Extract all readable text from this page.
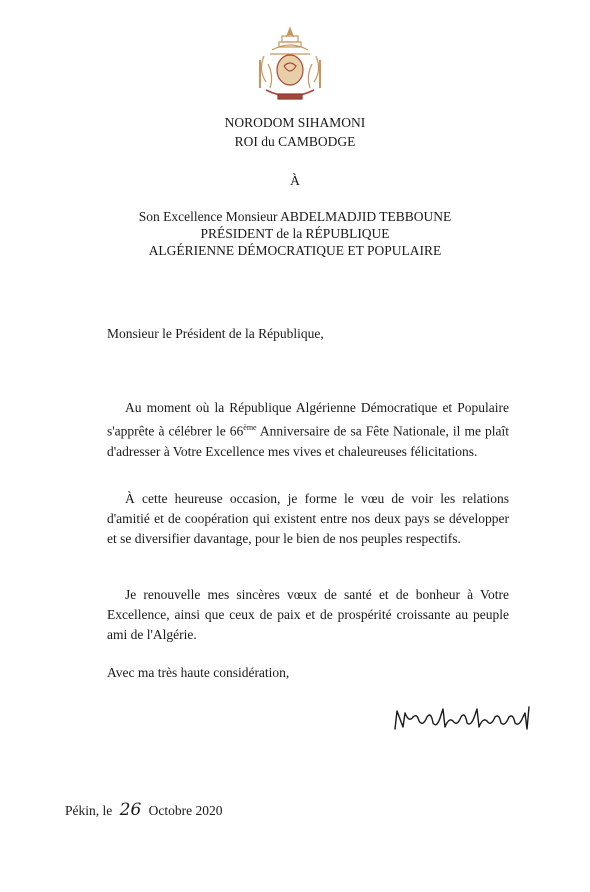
NORODOM SIHAMONI
ROI du CAMBODGE
À
Son Excellence Monsieur ABDELMADJID TEBBOUNE
PRÉSIDENT de la RÉPUBLIQUE
ALGÉRIENNE DÉMOCRATIQUE ET POPULAIRE
Monsieur le Président de la République,

Au moment où la République Algérienne Démocratique et Populaire s'apprête à célébrer le 66ème Anniversaire de sa Fête Nationale, il me plaît d'adresser à Votre Excellence mes vives et chaleureuses félicitations.

À cette heureuse occasion, je forme le vœu de voir les relations d'amitié et de coopération qui existent entre nos deux pays se développer et se diversifier davantage, pour le bien de nos peuples respectifs.

Je renouvelle mes sincères vœux de santé et de bonheur à Votre Excellence, ainsi que ceux de paix et de prospérité croissante au peuple ami de l'Algérie.

Avec ma très haute considération,
Pékin, le 26 Octobre 2020
